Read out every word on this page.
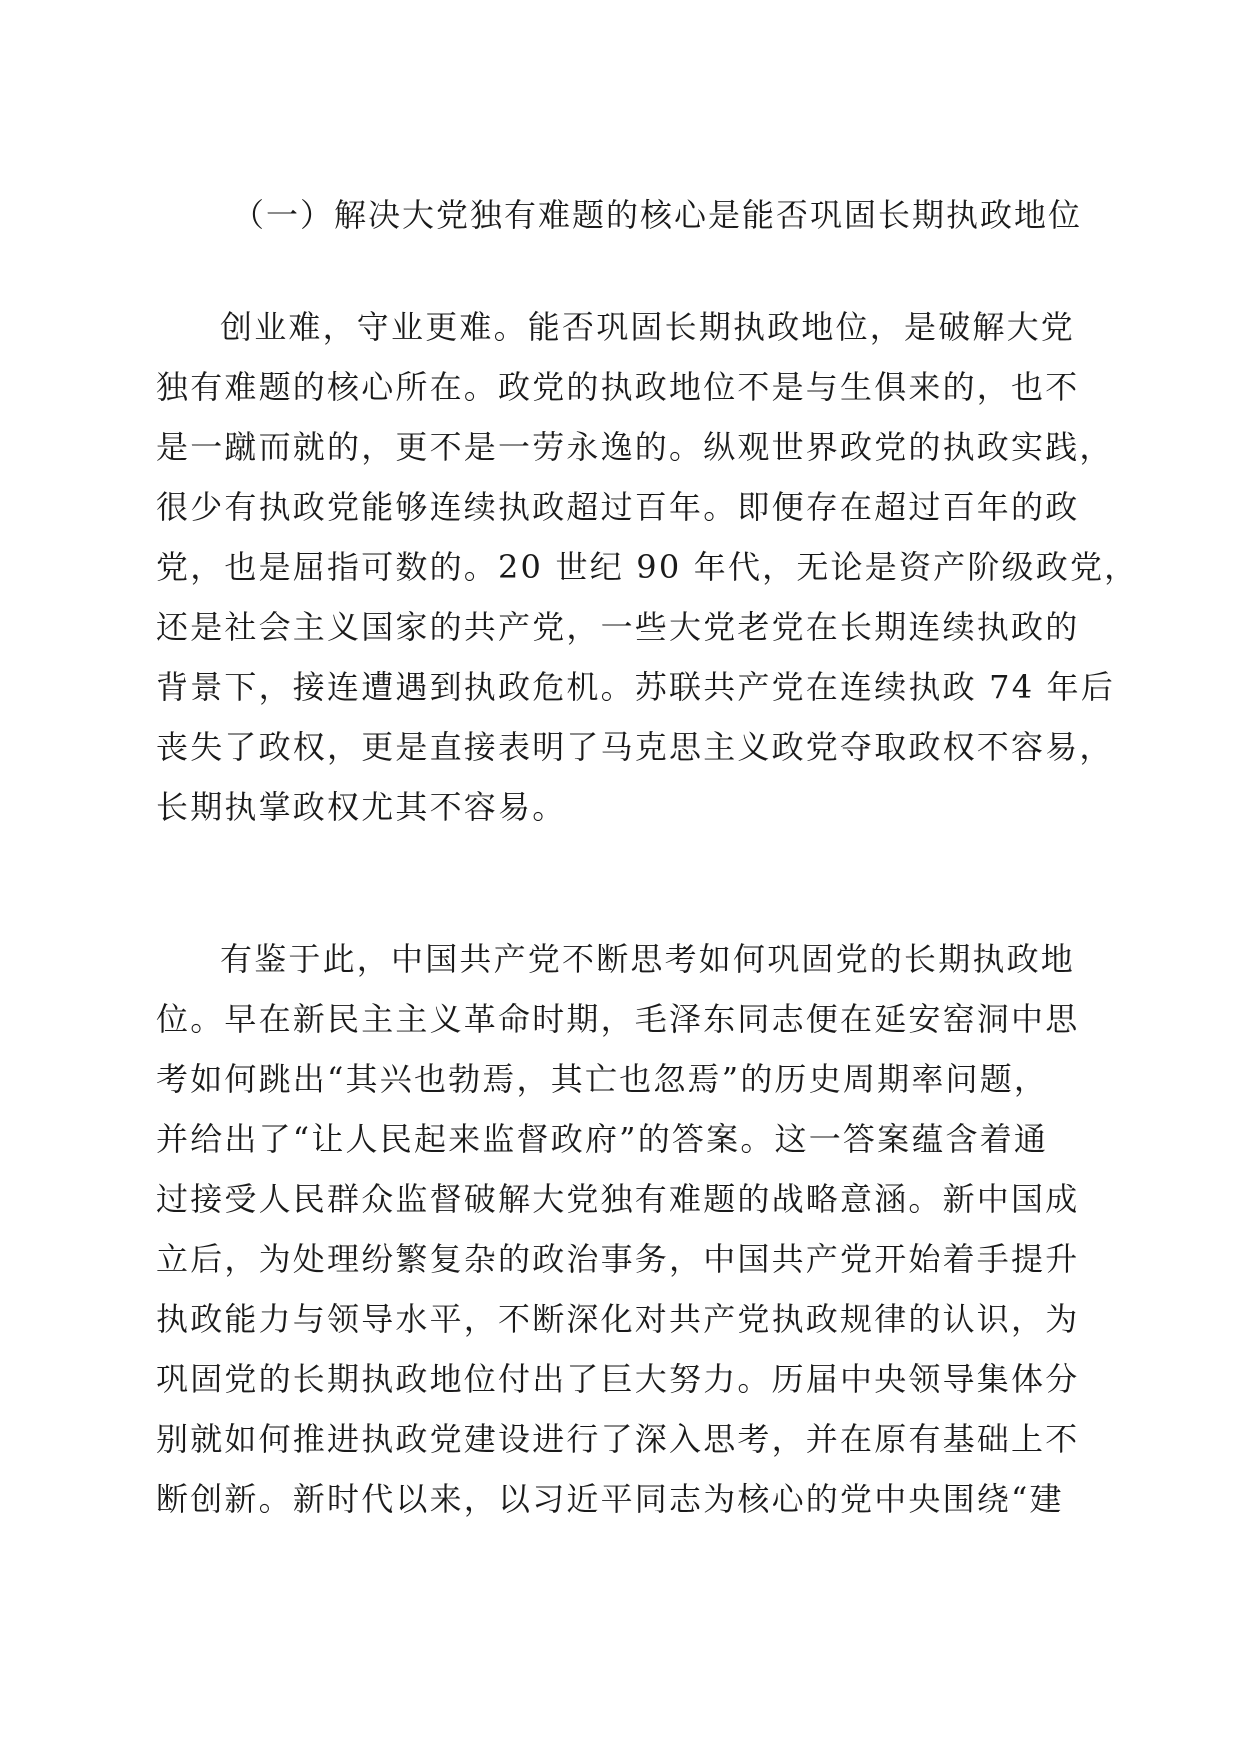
（一）解决大党独有难题的核心是能否巩固长期执政地位

创业难，守业更难。能否巩固长期执政地位，是破解大党

独有难题的核心所在。政党的执政地位不是与生俱来的，也不

是一蹴而就的，更不是一劳永逸的。纵观世界政党的执政实践，

很少有执政党能够连续执政超过百年。即便存在超过百年的政

党，也是屈指可数的。20 世纪 90 年代，无论是资产阶级政党，

还是社会主义国家的共产党，一些大党老党在长期连续执政的

背景下，接连遭遇到执政危机。苏联共产党在连续执政 74 年后

丧失了政权，更是直接表明了马克思主义政党夺取政权不容易，

长期执掌政权尤其不容易。

有鉴于此，中国共产党不断思考如何巩固党的长期执政地

位。早在新民主主义革命时期，毛泽东同志便在延安窑洞中思

考如何跳出“其兴也勃焉，其亡也忽焉”的历史周期率问题，

并给出了“让人民起来监督政府”的答案。这一答案蕴含着通

过接受人民群众监督破解大党独有难题的战略意涵。新中国成

立后，为处理纷繁复杂的政治事务，中国共产党开始着手提升

执政能力与领导水平，不断深化对共产党执政规律的认识，为

巩固党的长期执政地位付出了巨大努力。历届中央领导集体分

别就如何推进执政党建设进行了深入思考，并在原有基础上不

断创新。新时代以来，以习近平同志为核心的党中央围绕“建
